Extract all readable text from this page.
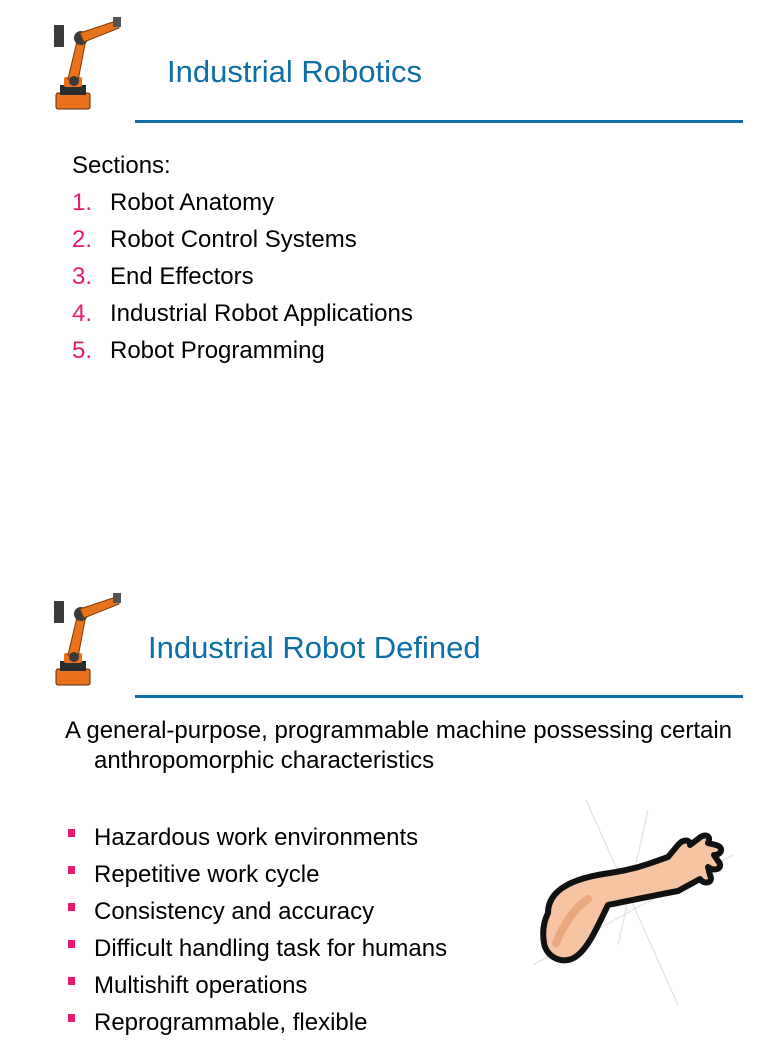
Industrial Robotics
Sections:
1. Robot Anatomy
2. Robot Control Systems
3. End Effectors
4. Industrial Robot Applications
5. Robot Programming
Industrial Robot Defined

A general-purpose, programmable machine possessing certain anthropomorphic characteristics

Hazardous work environments
Repetitive work cycle
Consistency and accuracy
Difficult handling task for humans
Multishift operations
Reprogrammable, flexible
